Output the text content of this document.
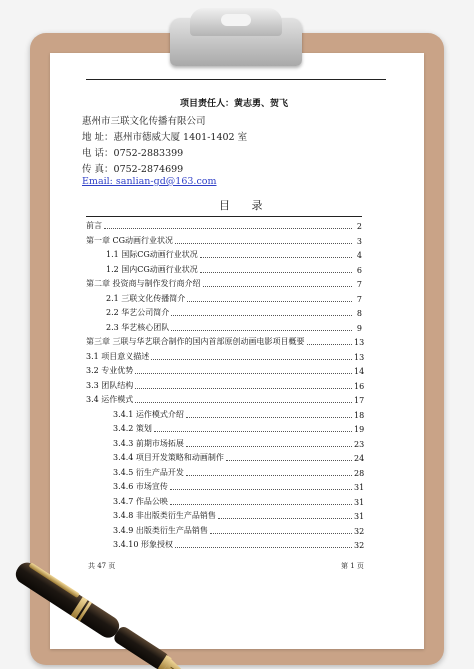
项目责任人：黄志勇、贺飞
惠州市三联文化传播有限公司
地 址：惠州市德威大厦 1401-1402 室
电 话：0752-2883399
传 真：0752-2874699
Email: sanlian-gd@163.com
目 录
前言	2
第一章 CG动画行业状况	3
1.1 国际CG动画行业状况	4
1.2 国内CG动画行业状况	6
第二章 投资商与制作发行商介绍	7
2.1 三联文化传播简介	7
2.2 华艺公司简介	8
2.3 华艺核心团队	9
第三章 三联与华艺联合制作的国内首部原创动画电影项目概要	13
3.1 项目意义描述	13
3.2 专业优势	14
3.3 团队结构	16
3.4 运作模式	17
3.4.1 运作模式介绍	18
3.4.2 策划	19
3.4.3 前期市场拓展	23
3.4.4 项目开发策略和动画制作	24
3.4.5 衍生产品开发	28
3.4.6 市场宣传	31
3.4.7 作品公映	31
3.4.8 非出版类衍生产品销售	31
3.4.9 出版类衍生产品销售	32
3.4.10 形象授权	32
共 47 页	第 1 页
